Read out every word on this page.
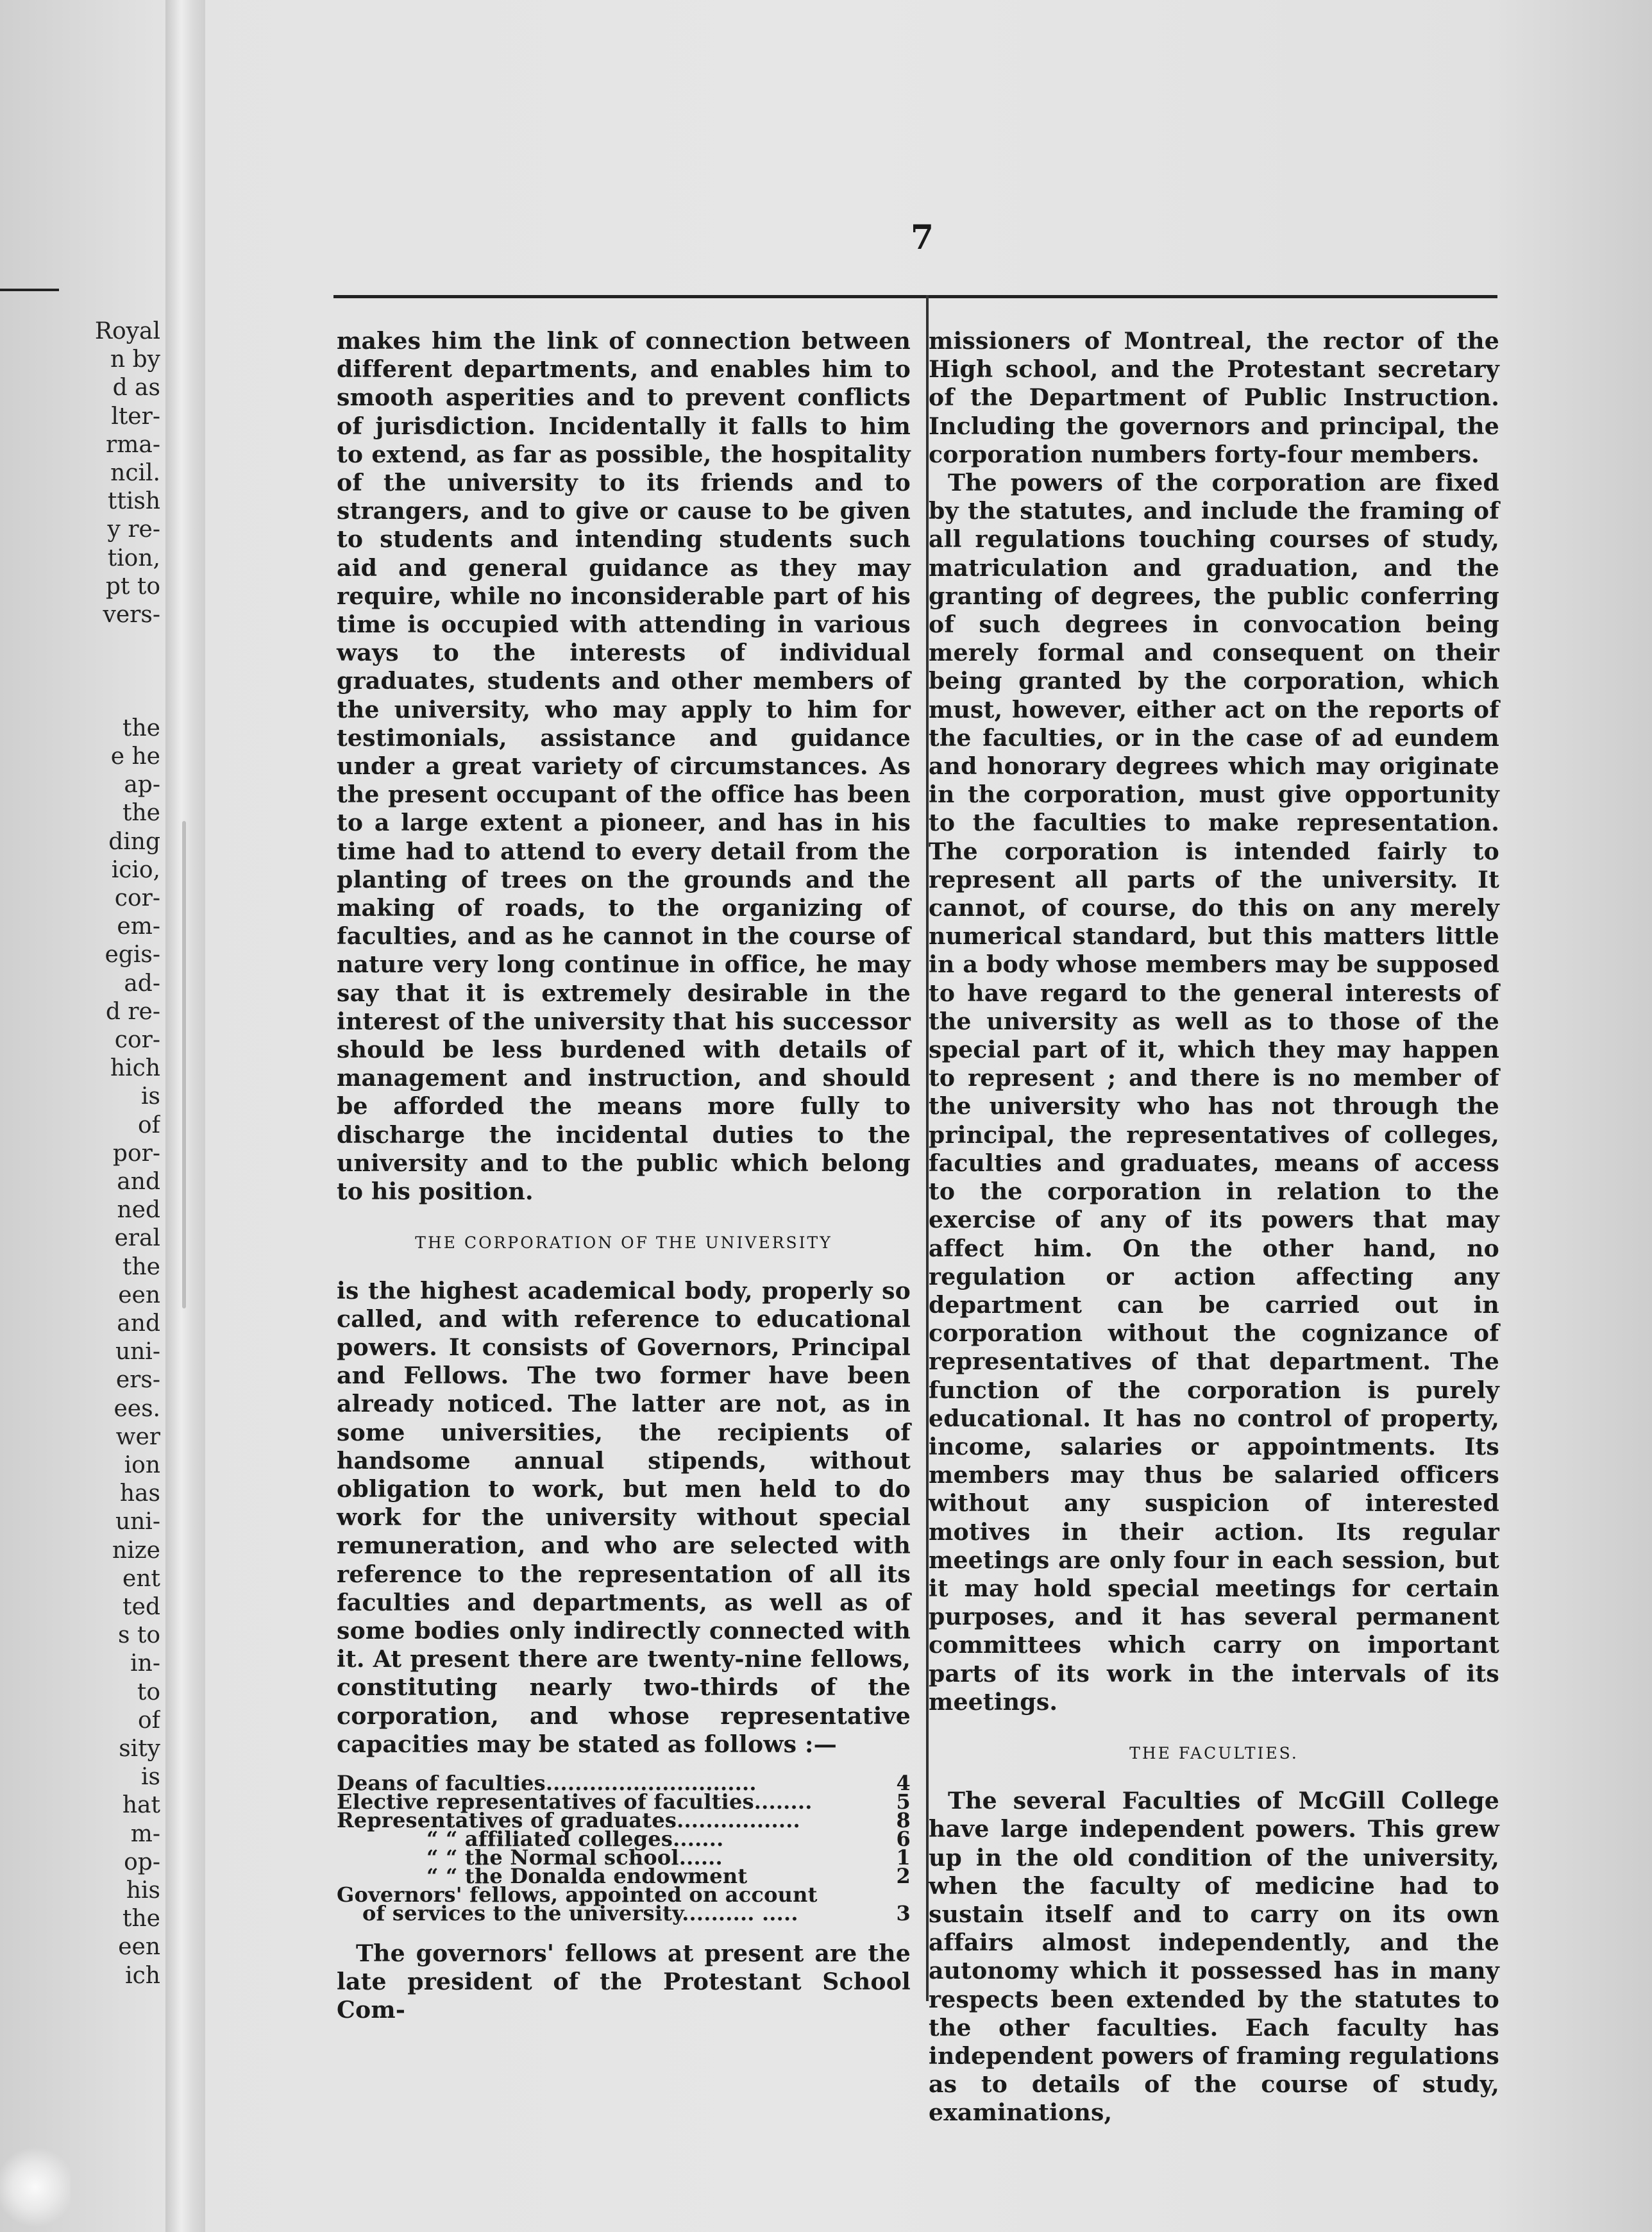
Royal
n by
d as
lter-
rma-
ncil.
ttish
y re-
tion,
pt to
vers-
the
e he
ap-
the
ding
icio,
cor-
em-
egis-
ad-
d re-
cor-
hich
is
of
por-
and
ned
eral
the
een
and
uni-
ers-
ees.
wer
ion
has
uni-
nize
ent
ted
s to
in-
to
of
sity
is
hat
m-
op-
his
the
een
ich
7

makes him the link of connection between different departments, and enables him to smooth asperities and to prevent conflicts of jurisdiction. Incidentally it falls to him to extend, as far as possible, the hospitality of the university to its friends and to strangers, and to give or cause to be given to students and intending students such aid and general guidance as they may require, while no inconsiderable part of his time is occupied with attending in various ways to the interests of individual graduates, students and other members of the university, who may apply to him for testimonials, assistance and guidance under a great variety of circumstances. As the present occupant of the office has been to a large extent a pioneer, and has in his time had to attend to every detail from the planting of trees on the grounds and the making of roads, to the organizing of faculties, and as he cannot in the course of nature very long continue in office, he may say that it is extremely desirable in the interest of the university that his successor should be less burdened with details of management and instruction, and should be afforded the means more fully to discharge the incidental duties to the university and to the public which belong to his position.

THE CORPORATION OF THE UNIVERSITY

is the highest academical body, properly so called, and with reference to educational powers. It consists of Governors, Principal and Fellows. The two former have been already noticed. The latter are not, as in some universities, the recipients of handsome annual stipends, without obligation to work, but men held to do work for the university without special remuneration, and who are selected with reference to the representation of all its faculties and departments, as well as of some bodies only indirectly connected with it. At present there are twenty-nine fellows, constituting nearly two-thirds of the corporation, and whose representative capacities may be stated as follows :—

Deans of faculties.............................	4
Elective representatives of faculties........	5
Representatives of graduates.................	8
“ “ affiliated colleges.......	6
“ “ the Normal school......	1
“ “ the Donalda endowment	2
Governors' fellows, appointed on account	
of services to the university.......... .....	3

The governors' fellows at present are the late president of the Protestant School Com-

missioners of Montreal, the rector of the High school, and the Protestant secretary of the Department of Public Instruction. Including the governors and principal, the corporation numbers forty-four members.

The powers of the corporation are fixed by the statutes, and include the framing of all regulations touching courses of study, matriculation and graduation, and the granting of degrees, the public conferring of such degrees in convocation being merely formal and consequent on their being granted by the corporation, which must, however, either act on the reports of the faculties, or in the case of ad eundem and honorary degrees which may originate in the corporation, must give opportunity to the faculties to make representation. The corporation is intended fairly to represent all parts of the university. It cannot, of course, do this on any merely numerical standard, but this matters little in a body whose members may be supposed to have regard to the general interests of the university as well as to those of the special part of it, which they may happen to represent ; and there is no member of the university who has not through the principal, the representatives of colleges, faculties and graduates, means of access to the corporation in relation to the exercise of any of its powers that may affect him. On the other hand, no regulation or action affecting any department can be carried out in corporation without the cognizance of representatives of that department. The function of the corporation is purely educational. It has no control of property, income, salaries or appointments. Its members may thus be salaried officers without any suspicion of interested motives in their action. Its regular meetings are only four in each session, but it may hold special meetings for certain purposes, and it has several permanent committees which carry on important parts of its work in the intervals of its meetings.

THE FACULTIES.

The several Faculties of McGill College have large independent powers. This grew up in the old condition of the university, when the faculty of medicine had to sustain itself and to carry on its own affairs almost independently, and the autonomy which it possessed has in many respects been extended by the statutes to the other faculties. Each faculty has independent powers of framing regulations as to details of the course of study, examinations,
